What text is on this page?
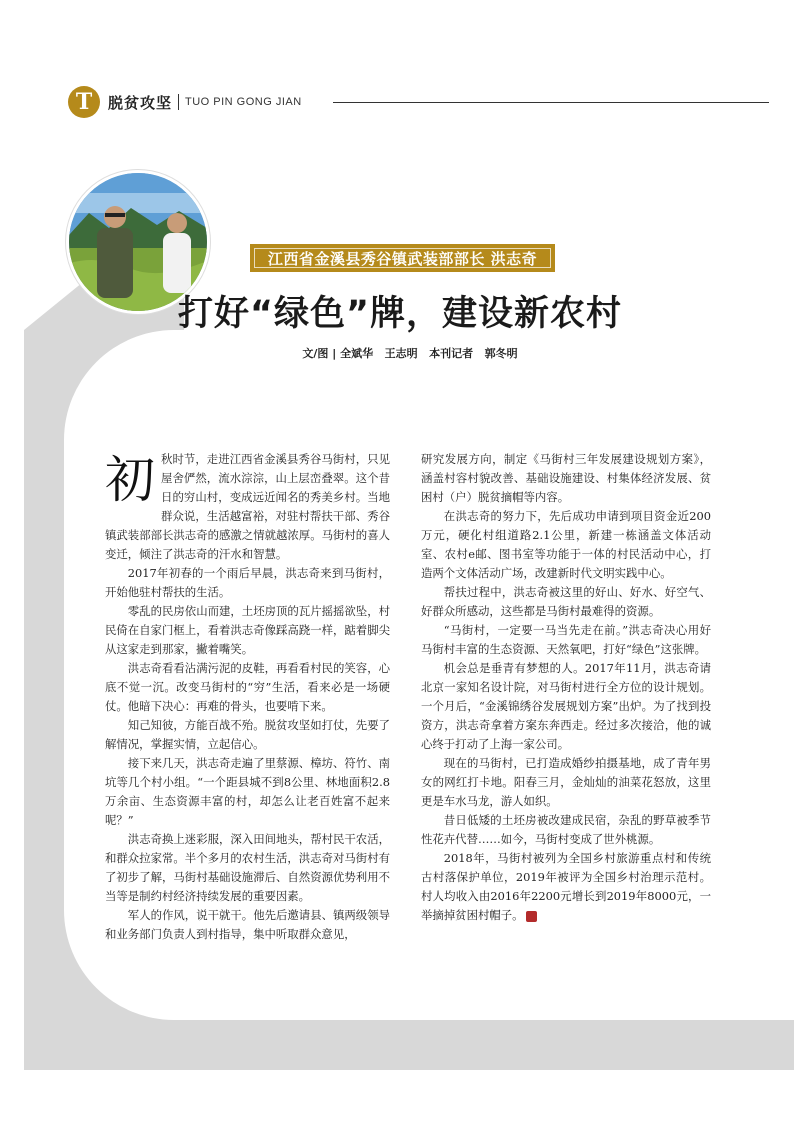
T	脱贫攻坚 TUO PIN GONG JIAN
江西省金溪县秀谷镇武装部部长 洪志奇
打好“绿色”牌，建设新农村
文/图 | 全斌华   王志明   本刊记者   郭冬明
初 秋时节，走进江西省金溪县秀谷马街村，只见屋舍俨然，流水淙淙，山上层峦叠翠。这个昔日的穷山村，变成远近闻名的秀美乡村。当地群众说，生活越富裕，对驻村帮扶干部、秀谷镇武装部部长洪志奇的感激之情就越浓厚。马街村的喜人变迁，倾注了洪志奇的汗水和智慧。

2017年初春的一个雨后早晨，洪志奇来到马街村，开始他驻村帮扶的生活。

零乱的民房依山而建，土坯房顶的瓦片摇摇欲坠，村民倚在自家门框上，看着洪志奇像踩高跷一样，踮着脚尖从这家走到那家，撇着嘴笑。

洪志奇看看沾满污泥的皮鞋，再看看村民的笑容，心底不觉一沉。改变马街村的“穷”生活，看来必是一场硬仗。他暗下决心：再难的骨头，也要啃下来。

知己知彼，方能百战不殆。脱贫攻坚如打仗，先要了解情况，掌握实情，立起信心。

接下来几天，洪志奇走遍了里蔡源、樟坊、符竹、南坑等几个村小组。“一个距县城不到8公里、林地面积2.8万余亩、生态资源丰富的村，却怎么让老百姓富不起来呢？”

洪志奇换上迷彩服，深入田间地头，帮村民干农活，和群众拉家常。半个多月的农村生活，洪志奇对马街村有了初步了解，马街村基础设施滞后、自然资源优势利用不当等是制约村经济持续发展的重要因素。

军人的作风，说干就干。他先后邀请县、镇两级领导和业务部门负责人到村指导，集中听取群众意见，

研究发展方向，制定《马街村三年发展建设规划方案》，涵盖村容村貌改善、基础设施建设、村集体经济发展、贫困村（户）脱贫摘帽等内容。

在洪志奇的努力下，先后成功申请到项目资金近200万元，硬化村组道路2.1公里，新建一栋涵盖文体活动室、农村e邮、图书室等功能于一体的村民活动中心，打造两个文体活动广场，改建新时代文明实践中心。

帮扶过程中，洪志奇被这里的好山、好水、好空气、好群众所感动，这些都是马街村最难得的资源。

“马街村，一定要一马当先走在前。”洪志奇决心用好马街村丰富的生态资源、天然氧吧，打好“绿色”这张牌。

机会总是垂青有梦想的人。2017年11月，洪志奇请北京一家知名设计院，对马街村进行全方位的设计规划。一个月后，“金溪锦绣谷发展规划方案”出炉。为了找到投资方，洪志奇拿着方案东奔西走。经过多次接洽，他的诚心终于打动了上海一家公司。

现在的马街村，已打造成婚纱拍摄基地，成了青年男女的网红打卡地。阳春三月，金灿灿的油菜花怒放，这里更是车水马龙，游人如织。

昔日低矮的土坯房被改建成民宿，杂乱的野草被季节性花卉代替……如今，马街村变成了世外桃源。

2018年，马街村被列为全国乡村旅游重点村和传统古村落保护单位，2019年被评为全国乡村治理示范村。村人均收入由2016年2200元增长到2019年8000元，一举摘掉贫困村帽子。
